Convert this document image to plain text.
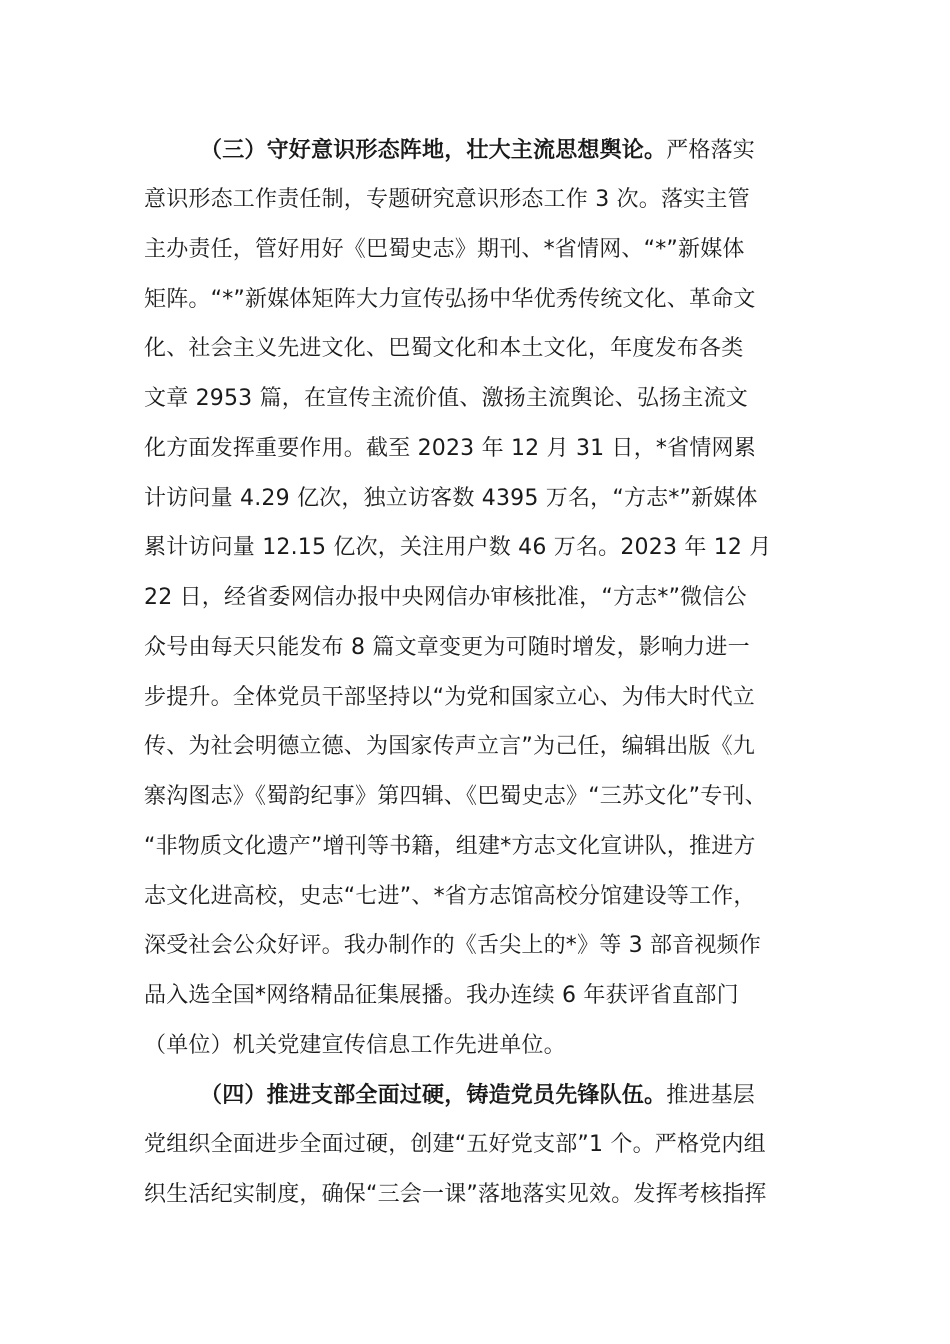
（三）守好意识形态阵地，壮大主流思想舆论。严格落实
意识形态工作责任制，专题研究意识形态工作 3 次。落实主管
主办责任，管好用好《巴蜀史志》期刊、*省情网、“*”新媒体
矩阵。“*”新媒体矩阵大力宣传弘扬中华优秀传统文化、革命文
化、社会主义先进文化、巴蜀文化和本土文化，年度发布各类
文章 2953 篇，在宣传主流价值、激扬主流舆论、弘扬主流文
化方面发挥重要作用。截至 2023 年 12 月 31 日，*省情网累
计访问量 4.29 亿次，独立访客数 4395 万名，“方志*”新媒体
累计访问量 12.15 亿次，关注用户数 46 万名。2023 年 12 月
22 日，经省委网信办报中央网信办审核批准，“方志*”微信公
众号由每天只能发布 8 篇文章变更为可随时增发，影响力进一
步提升。全体党员干部坚持以“为党和国家立心、为伟大时代立
传、为社会明德立德、为国家传声立言”为己任，编辑出版《九
寨沟图志》《蜀韵纪事》第四辑、《巴蜀史志》“三苏文化”专刊、
“非物质文化遗产”增刊等书籍，组建*方志文化宣讲队，推进方
志文化进高校，史志“七进”、*省方志馆高校分馆建设等工作，
深受社会公众好评。我办制作的《舌尖上的*》等 3 部音视频作
品入选全国*网络精品征集展播。我办连续 6 年获评省直部门
（单位）机关党建宣传信息工作先进单位。
（四）推进支部全面过硬，铸造党员先锋队伍。推进基层
党组织全面进步全面过硬，创建“五好党支部”1 个。严格党内组
织生活纪实制度，确保“三会一课”落地落实见效。发挥考核指挥
